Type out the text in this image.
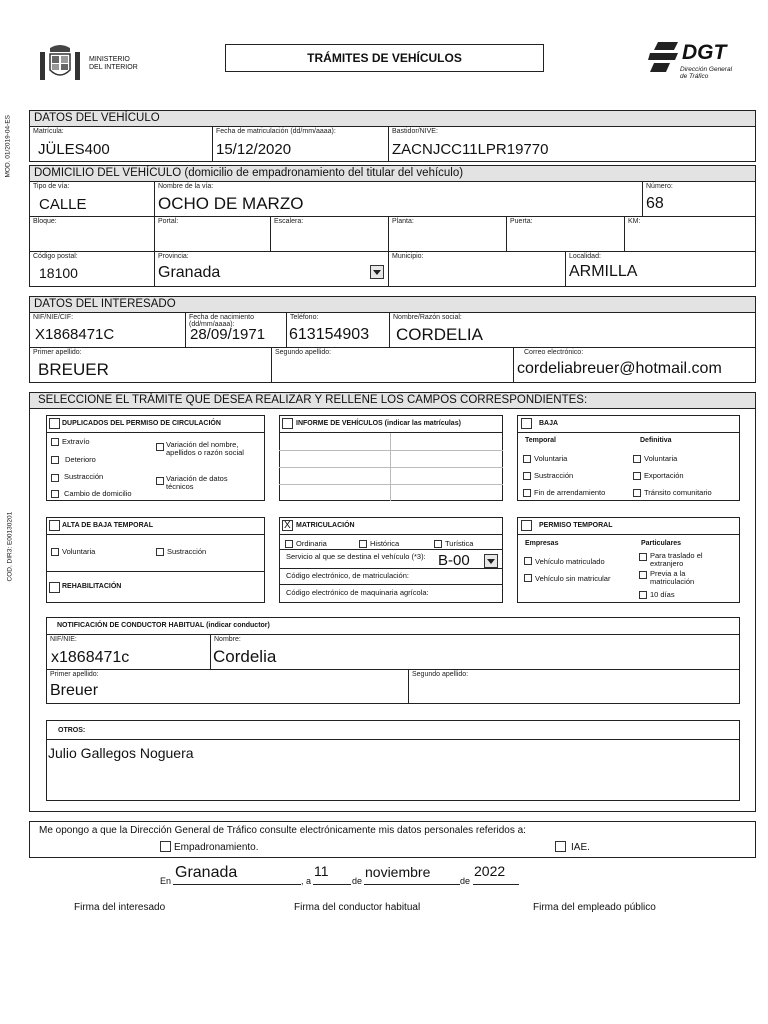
MINISTERIO
DEL INTERIOR
TRÁMITES DE VEHÍCULOS	DGT
Dirección General
de Tráfico
MOD. 01/2019-04-ES
COD. DIR3: E00130201
DATOS DEL VEHÍCULO
Matrícula:
JÜLES400
Fecha de matriculación (dd/mm/aaaa):
15/12/2020
Bastidor/NIVE:
ZACNJCC11LPR19770
DOMICILIO DEL VEHÍCULO (domicilio de empadronamiento del titular del vehículo)
Tipo de vía:
CALLE
Nombre de la vía:
OCHO DE MARZO
Número:
68
Bloque:	Portal:	Escalera:	Planta:	Puerta:	KM:
Código postal:
18100
Provincia:
Granada
Municipio:	Localidad:
ARMILLA
DATOS DEL INTERESADO
NIF/NIE/CIF:
X1868471C
Fecha de nacimiento (dd/mm/aaaa):
28/09/1971
Teléfono:
613154903
Nombre/Razón social:
CORDELIA
Primer apellido:
BREUER
Segundo apellido:	Correo electrónico:
cordeliabreuer@hotmail.com
SELECCIONE EL TRÁMITE QUE DESEA REALIZAR Y RELLENE LOS CAMPOS CORRESPONDIENTES:
DUPLICADOS DEL PERMISO DE CIRCULACIÓN
Extravío
Deterioro
Sustracción
Cambio de domicilio
Variación del nombre, apellidos o razón social
Variación de datos técnicos
INFORME DE VEHÍCULOS (indicar las matrículas)	BAJA
Temporal	Definitiva
Voluntaria
Sustracción
Fin de arrendamiento
Voluntaria
Exportación
Tránsito comunitario
ALTA DE BAJA TEMPORAL
Voluntaria	Sustracción
REHABILITACIÓN
X MATRICULACIÓN
Ordinaria	Histórica	Turística
Servicio al que se destina el vehículo (*3): B-00
Código electrónico, de matriculación:
Código electrónico de maquinaria agrícola:
PERMISO TEMPORAL
Empresas	Particulares
Vehículo matriculado
Vehículo sin matricular
Para traslado el extranjero
Previa a la matriculación
10 días
NOTIFICACIÓN DE CONDUCTOR HABITUAL (indicar conductor)
NIF/NIE:
x1868471c
Nombre:
Cordelia
Primer apellido:
Breuer
Segundo apellido:
OTROS:
Julio Gallegos Noguera
Me opongo a que la Dirección General de Tráfico consulte electrónicamente mis datos personales referidos a:
Empadronamiento.	IAE.
En Granada	, a
11
de
noviembre
de
2022
Firma del interesado	Firma del conductor habitual	Firma del empleado público
